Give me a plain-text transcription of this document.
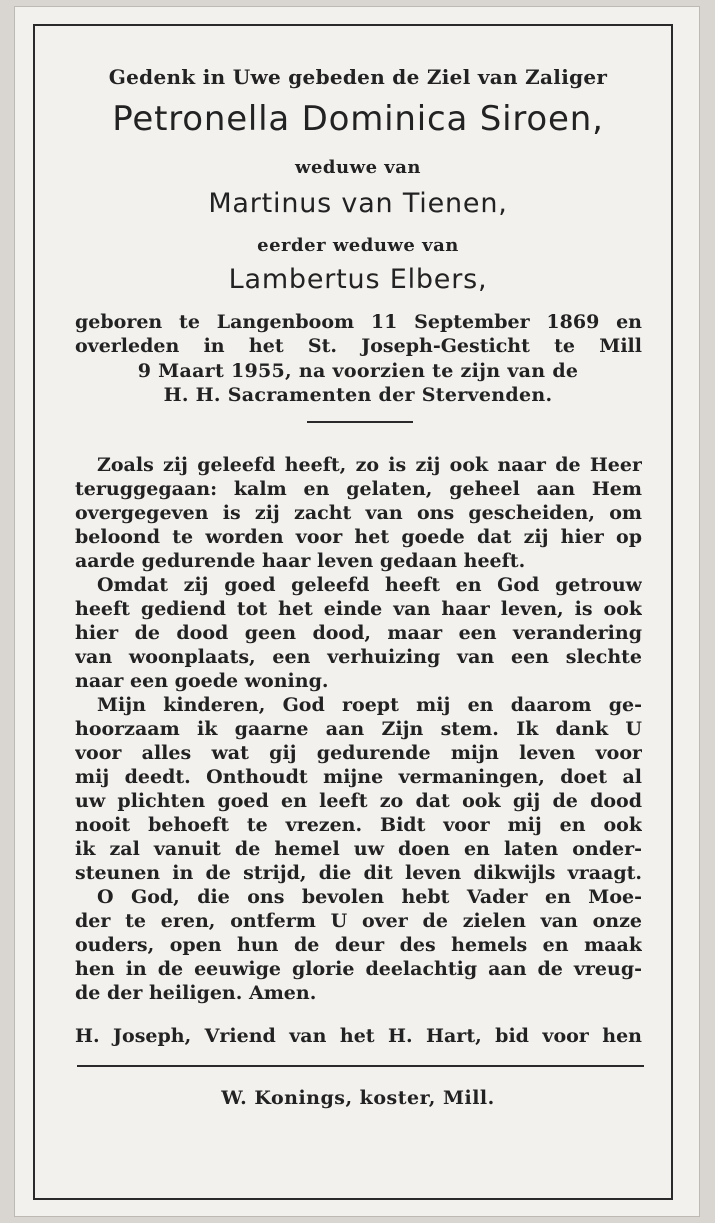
Gedenk in Uwe gebeden de Ziel van Zaliger
Petronella Dominica Siroen,
weduwe van
Martinus van Tienen,
eerder weduwe van
Lambertus Elbers,
geboren te Langenboom 11 September 1869 en
overleden in het St. Joseph-Gesticht te Mill
9 Maart 1955, na voorzien te zijn van de
H. H. Sacramenten der Stervenden.
Zoals zij geleefd heeft, zo is zij ook naar de Heer
teruggegaan: kalm en gelaten, geheel aan Hem
overgegeven is zij zacht van ons gescheiden, om
beloond te worden voor het goede dat zij hier op
aarde gedurende haar leven gedaan heeft.
Omdat zij goed geleefd heeft en God getrouw
heeft gediend tot het einde van haar leven, is ook
hier de dood geen dood, maar een verandering
van woonplaats, een verhuizing van een slechte
naar een goede woning.
Mijn kinderen, God roept mij en daarom ge-
hoorzaam ik gaarne aan Zijn stem. Ik dank U
voor alles wat gij gedurende mijn leven voor
mij deedt. Onthoudt mijne vermaningen, doet al
uw plichten goed en leeft zo dat ook gij de dood
nooit behoeft te vrezen. Bidt voor mij en ook
ik zal vanuit de hemel uw doen en laten onder-
steunen in de strijd, die dit leven dikwijls vraagt.
O God, die ons bevolen hebt Vader en Moe-
der te eren, ontferm U over de zielen van onze
ouders, open hun de deur des hemels en maak
hen in de eeuwige glorie deelachtig aan de vreug-
de der heiligen. Amen.
H. Joseph, Vriend van het H. Hart, bid voor hen
W. Konings, koster, Mill.
